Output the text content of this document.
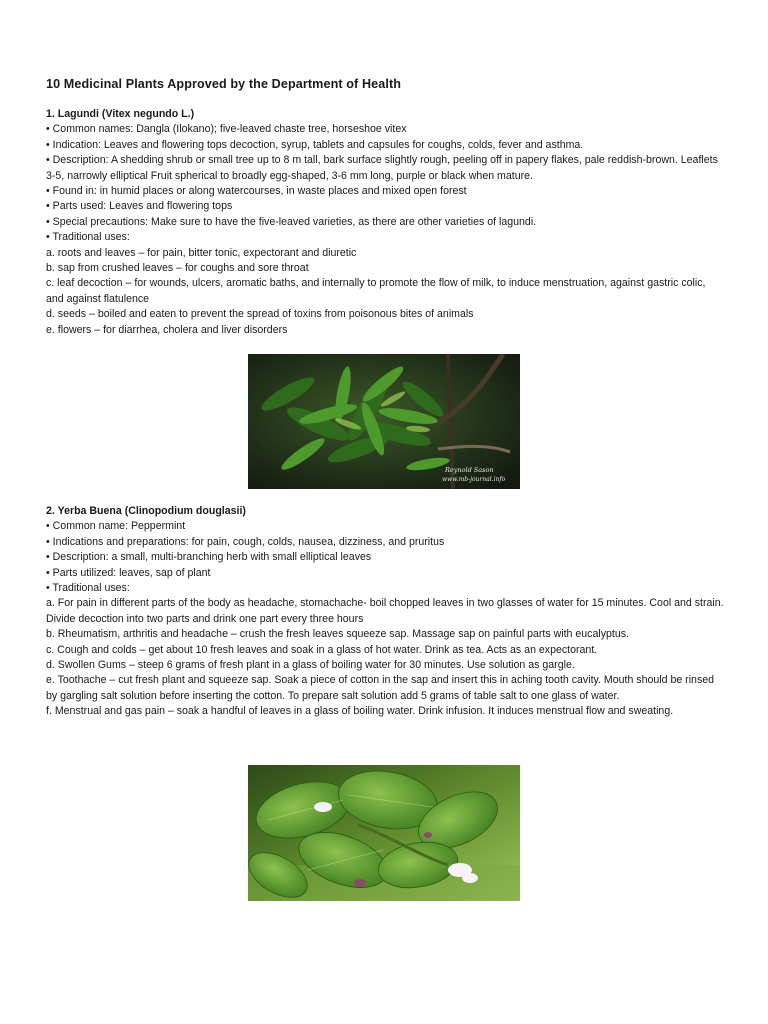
10 Medicinal Plants Approved by the Department of Health

1. Lagundi (Vitex negundo L.)

• Common names: Dangla (Ilokano); five-leaved chaste tree, horseshoe vitex

• Indication: Leaves and flowering tops decoction, syrup, tablets and capsules for coughs, colds, fever and asthma.

• Description: A shedding shrub or small tree up to 8 m tall, bark surface slightly rough, peeling off in papery flakes, pale reddish-brown. Leaflets 3-5, narrowly elliptical Fruit spherical to broadly egg-shaped, 3-6 mm long, purple or black when mature.

• Found in: in humid places or along watercourses, in waste places and mixed open forest

• Parts used: Leaves and flowering tops

• Special precautions: Make sure to have the five-leaved varieties, as there are other varieties of lagundi.

• Traditional uses:

a. roots and leaves – for pain, bitter tonic, expectorant and diuretic

b. sap from crushed leaves – for coughs and sore throat

c. leaf decoction – for wounds, ulcers, aromatic baths, and internally to promote the flow of milk, to induce menstruation, against gastric colic, and against flatulence

d. seeds – boiled and eaten to prevent the spread of toxins from poisonous bites of animals

e. flowers – for diarrhea, cholera and liver disorders

Reynold Sason
www.mb-journal.info

2. Yerba Buena (Clinopodium douglasii)

• Common name: Peppermint

• Indications and preparations: for pain, cough, colds, nausea, dizziness, and pruritus

• Description: a small, multi-branching herb with small elliptical leaves

• Parts utilized: leaves, sap of plant

• Traditional uses:

a. For pain in different parts of the body as headache, stomachache- boil chopped leaves in two glasses of water for 15 minutes. Cool and strain. Divide decoction into two parts and drink one part every three hours

b. Rheumatism, arthritis and headache – crush the fresh leaves squeeze sap. Massage sap on painful parts with eucalyptus.

c. Cough and colds – get about 10 fresh leaves and soak in a glass of hot water. Drink as tea. Acts as an expectorant.

d. Swollen Gums – steep 6 grams of fresh plant in a glass of boiling water for 30 minutes. Use solution as gargle.

e. Toothache – cut fresh plant and squeeze sap. Soak a piece of cotton in the sap and insert this in aching tooth cavity. Mouth should be rinsed by gargling salt solution before inserting the cotton. To prepare salt solution add 5 grams of table salt to one glass of water.

f. Menstrual and gas pain – soak a handful of leaves in a glass of boiling water. Drink infusion. It induces menstrual flow and sweating.
